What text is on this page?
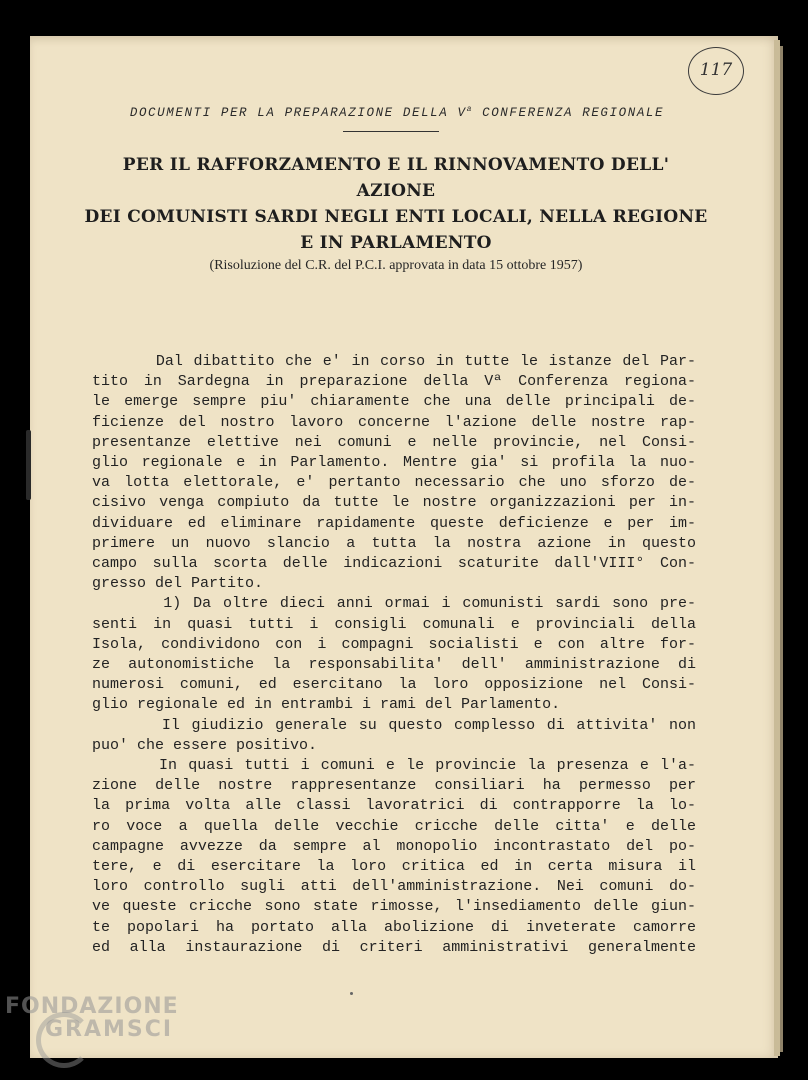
117
DOCUMENTI PER LA PREPARAZIONE DELLA $V^a$ CONFERENZA REGIONALE
PER IL RAFFORZAMENTO E IL RINNOVAMENTO DELL' AZIONE
DEI COMUNISTI SARDI NEGLI ENTI LOCALI, NELLA REGIONE
E IN PARLAMENTO
(Risoluzione del C.R. del P.C.I. approvata in data 15 ottobre 1957)
Dal dibattito che e' in corso in tutte le istanze del Par-
tito in Sardegna in preparazione della Vª Conferenza regiona-
le emerge sempre piu' chiaramente che una delle principali de-
ficienze del nostro lavoro concerne l'azione delle nostre rap-
presentanze elettive nei comuni e nelle provincie, nel Consi-
glio regionale e in Parlamento. Mentre gia' si profila la nuo-
va lotta elettorale, e' pertanto necessario che uno sforzo de-
cisivo venga compiuto da tutte le nostre organizzazioni per in-
dividuare ed eliminare rapidamente queste deficienze e per im-
primere un nuovo slancio a tutta la nostra azione in questo
campo sulla scorta delle indicazioni scaturite dall'VIII° Con-
gresso del Partito.
1) Da oltre dieci anni ormai i comunisti sardi sono pre-
senti in quasi tutti i consigli comunali e provinciali della
Isola, condividono con i compagni socialisti e con altre for-
ze autonomistiche la responsabilita' dell' amministrazione di
numerosi comuni, ed esercitano la loro opposizione nel Consi-
glio regionale ed in entrambi i rami del Parlamento.
Il giudizio generale su questo complesso di attivita' non
puo' che essere positivo.
In quasi tutti i comuni e le provincie la presenza e l'a-
zione delle nostre rappresentanze consiliari ha permesso per
la prima volta alle classi lavoratrici di contrapporre la lo-
ro voce a quella delle vecchie cricche delle citta' e delle
campagne avvezze da sempre al monopolio incontrastato del po-
tere, e di esercitare la loro critica ed in certa misura il
loro controllo sugli atti dell'amministrazione. Nei comuni do-
ve queste cricche sono state rimosse, l'insediamento delle giun-
te popolari ha portato alla abolizione di inveterate camorre
ed alla instaurazione di criteri amministrativi generalmente
FONDAZIONE
GRAMSCI
